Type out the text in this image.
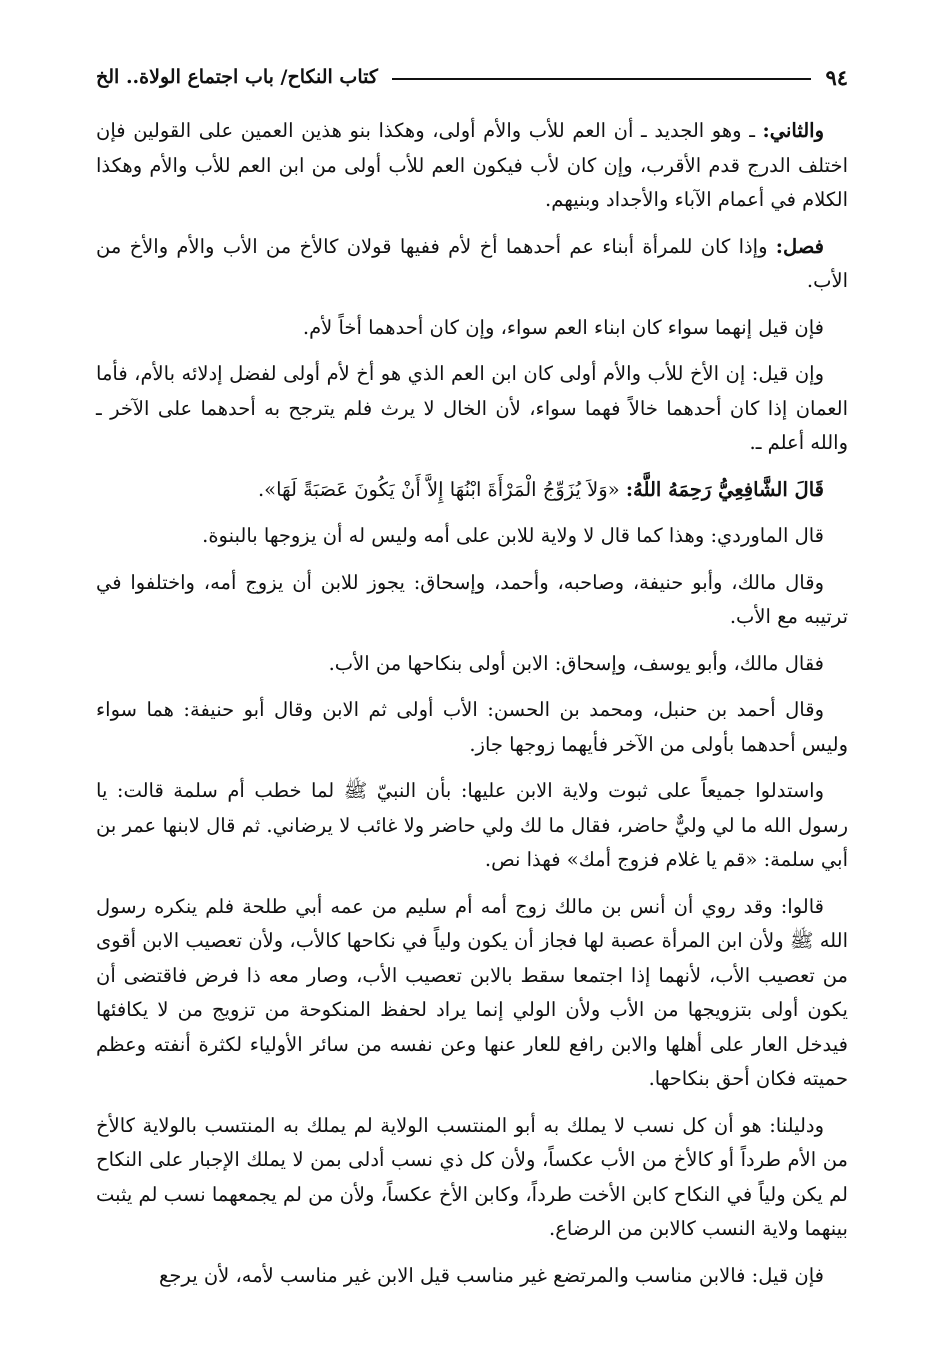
٩٤
كتاب النكاح/ باب اجتماع الولاة.. الخ

والثاني: ـ وهو الجديد ـ أن العم للأب والأم أولى، وهكذا بنو هذين العمين على القولين فإن اختلف الدرج قدم الأقرب، وإن كان لأب فيكون العم للأب أولى من ابن العم للأب والأم وهكذا الكلام في أعمام الآباء والأجداد وبنيهم.

فصل: وإذا كان للمرأة أبناء عم أحدهما أخ لأم ففيها قولان كالأخ من الأب والأم والأخ من الأب.

فإن قيل إنهما سواء كان ابناء العم سواء، وإن كان أحدهما أخاً لأم.

وإن قيل: إن الأخ للأب والأم أولى كان ابن العم الذي هو أخ لأم أولى لفضل إدلائه بالأم، فأما العمان إذا كان أحدهما خالاً فهما سواء، لأن الخال لا يرث فلم يترجح به أحدهما على الآخر ـ والله أعلم ـ.

قَالَ الشَّافِعِيُّ رَحِمَهُ اللَّهُ: «وَلاَ يُزَوِّجُ الْمَرْأَةَ ابْنُهَا إِلاَّ أَنْ يَكُونَ عَصَبَةً لَهَا».

قال الماوردي: وهذا كما قال لا ولاية للابن على أمه وليس له أن يزوجها بالبنوة.

وقال مالك، وأبو حنيفة، وصاحبه، وأحمد، وإسحاق: يجوز للابن أن يزوج أمه، واختلفوا في ترتيبه مع الأب.

فقال مالك، وأبو يوسف، وإسحاق: الابن أولى بنكاحها من الأب.

وقال أحمد بن حنبل، ومحمد بن الحسن: الأب أولى ثم الابن وقال أبو حنيفة: هما سواء وليس أحدهما بأولى من الآخر فأيهما زوجها جاز.

واستدلوا جميعاً على ثبوت ولاية الابن عليها: بأن النبيّ ﷺ لما خطب أم سلمة قالت: يا رسول الله ما لي وليٌّ حاضر، فقال ما لك ولي حاضر ولا غائب لا يرضاني. ثم قال لابنها عمر بن أبي سلمة: «قم يا غلام فزوج أمك» فهذا نص.

قالوا: وقد روي أن أنس بن مالك زوج أمه أم سليم من عمه أبي طلحة فلم ينكره رسول الله ﷺ ولأن ابن المرأة عصبة لها فجاز أن يكون ولياً في نكاحها كالأب، ولأن تعصيب الابن أقوى من تعصيب الأب، لأنهما إذا اجتمعا سقط بالابن تعصيب الأب، وصار معه ذا فرض فاقتضى أن يكون أولى بتزويجها من الأب ولأن الولي إنما يراد لحفظ المنكوحة من تزويج من لا يكافئها فيدخل العار على أهلها والابن رافع للعار عنها وعن نفسه من سائر الأولياء لكثرة أنفته وعظم حميته فكان أحق بنكاحها.

ودليلنا: هو أن كل نسب لا يملك به أبو المنتسب الولاية لم يملك به المنتسب بالولاية كالأخ من الأم طرداً أو كالأخ من الأب عكساً، ولأن كل ذي نسب أدلى بمن لا يملك الإجبار على النكاح لم يكن ولياً في النكاح كابن الأخت طرداً، وكابن الأخ عكساً، ولأن من لم يجمعهما نسب لم يثبت بينهما ولاية النسب كالابن من الرضاع.

فإن قيل: فالابن مناسب والمرتضع غير مناسب قيل الابن غير مناسب لأمه، لأن يرجع
